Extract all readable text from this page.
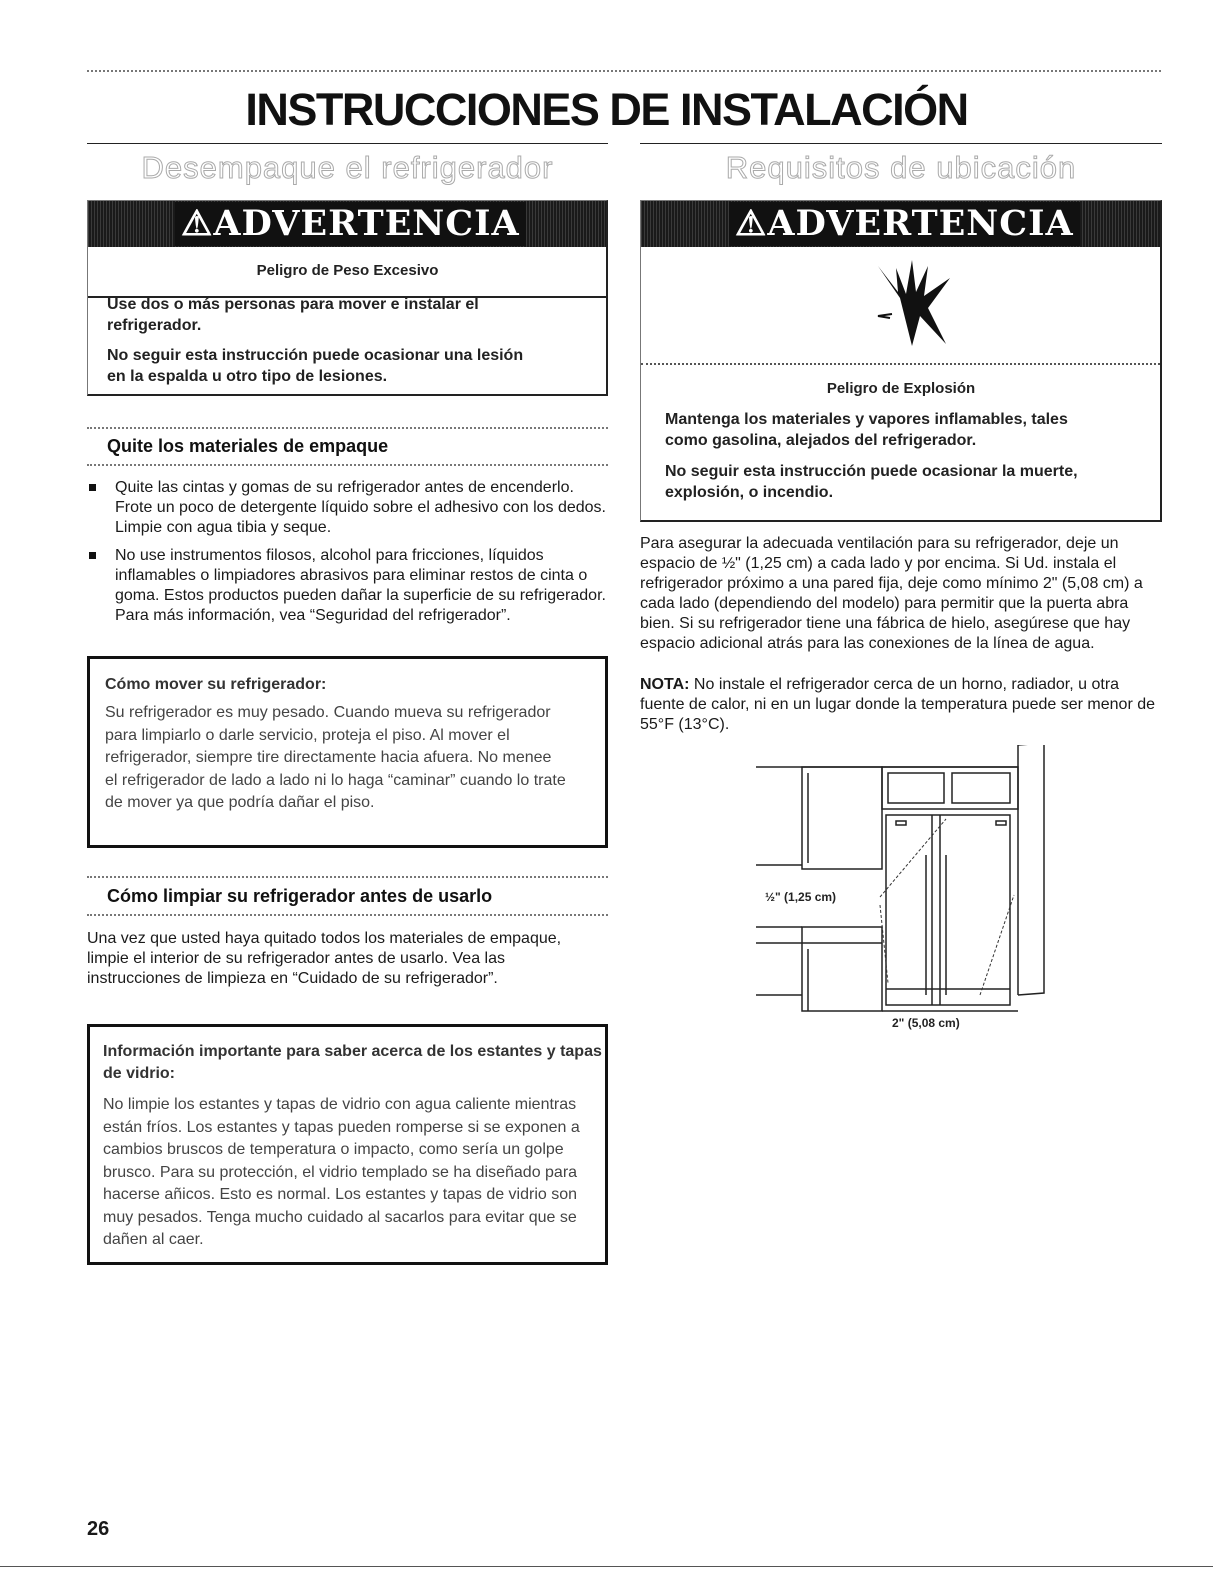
INSTRUCCIONES DE INSTALACIÓN
Desempaque el refrigerador
⚠ADVERTENCIA

Peligro de Peso Excesivo

Use dos o más personas para mover e instalar el refrigerador.

No seguir esta instrucción puede ocasionar una lesión en la espalda u otro tipo de lesiones.

Quite los materiales de empaque
Quite las cintas y gomas de su refrigerador antes de encenderlo. Frote un poco de detergente líquido sobre el adhesivo con los dedos. Limpie con agua tibia y seque.
No use instrumentos filosos, alcohol para fricciones, líquidos inflamables o limpiadores abrasivos para eliminar restos de cinta o goma. Estos productos pueden dañar la superficie de su refrigerador. Para más información, vea “Seguridad del refrigerador”.

Cómo mover su refrigerador:

Su refrigerador es muy pesado. Cuando mueva su refrigerador para limpiarlo o darle servicio, proteja el piso. Al mover el refrigerador, siempre tire directamente hacia afuera. No menee el refrigerador de lado a lado ni lo haga “caminar” cuando lo trate de mover ya que podría dañar el piso.

Cómo limpiar su refrigerador antes de usarlo

Una vez que usted haya quitado todos los materiales de empaque, limpie el interior de su refrigerador antes de usarlo. Vea las instrucciones de limpieza en “Cuidado de su refrigerador”.

Información importante para saber acerca de los estantes y tapas de vidrio:

No limpie los estantes y tapas de vidrio con agua caliente mientras están fríos. Los estantes y tapas pueden romperse si se exponen a cambios bruscos de temperatura o impacto, como sería un golpe brusco. Para su protección, el vidrio templado se ha diseñado para hacerse añicos. Esto es normal. Los estantes y tapas de vidrio son muy pesados. Tenga mucho cuidado al sacarlos para evitar que se dañen al caer.

Requisitos de ubicación
⚠ADVERTENCIA

Peligro de Explosión

Mantenga los materiales y vapores inflamables, tales como gasolina, alejados del refrigerador.

No seguir esta instrucción puede ocasionar la muerte, explosión, o incendio.

Para asegurar la adecuada ventilación para su refrigerador, deje un espacio de ½" (1,25 cm) a cada lado y por encima. Si Ud. instala el refrigerador próximo a una pared fija, deje como mínimo 2" (5,08 cm) a cada lado (dependiendo del modelo) para permitir que la puerta abra bien. Si su refrigerador tiene una fábrica de hielo, asegúrese que hay espacio adicional atrás para las conexiones de la línea de agua.

NOTA: No instale el refrigerador cerca de un horno, radiador, u otra fuente de calor, ni en un lugar donde la temperatura puede ser menor de 55°F (13°C).

½" (1,25 cm)
2" (5,08 cm)

26
